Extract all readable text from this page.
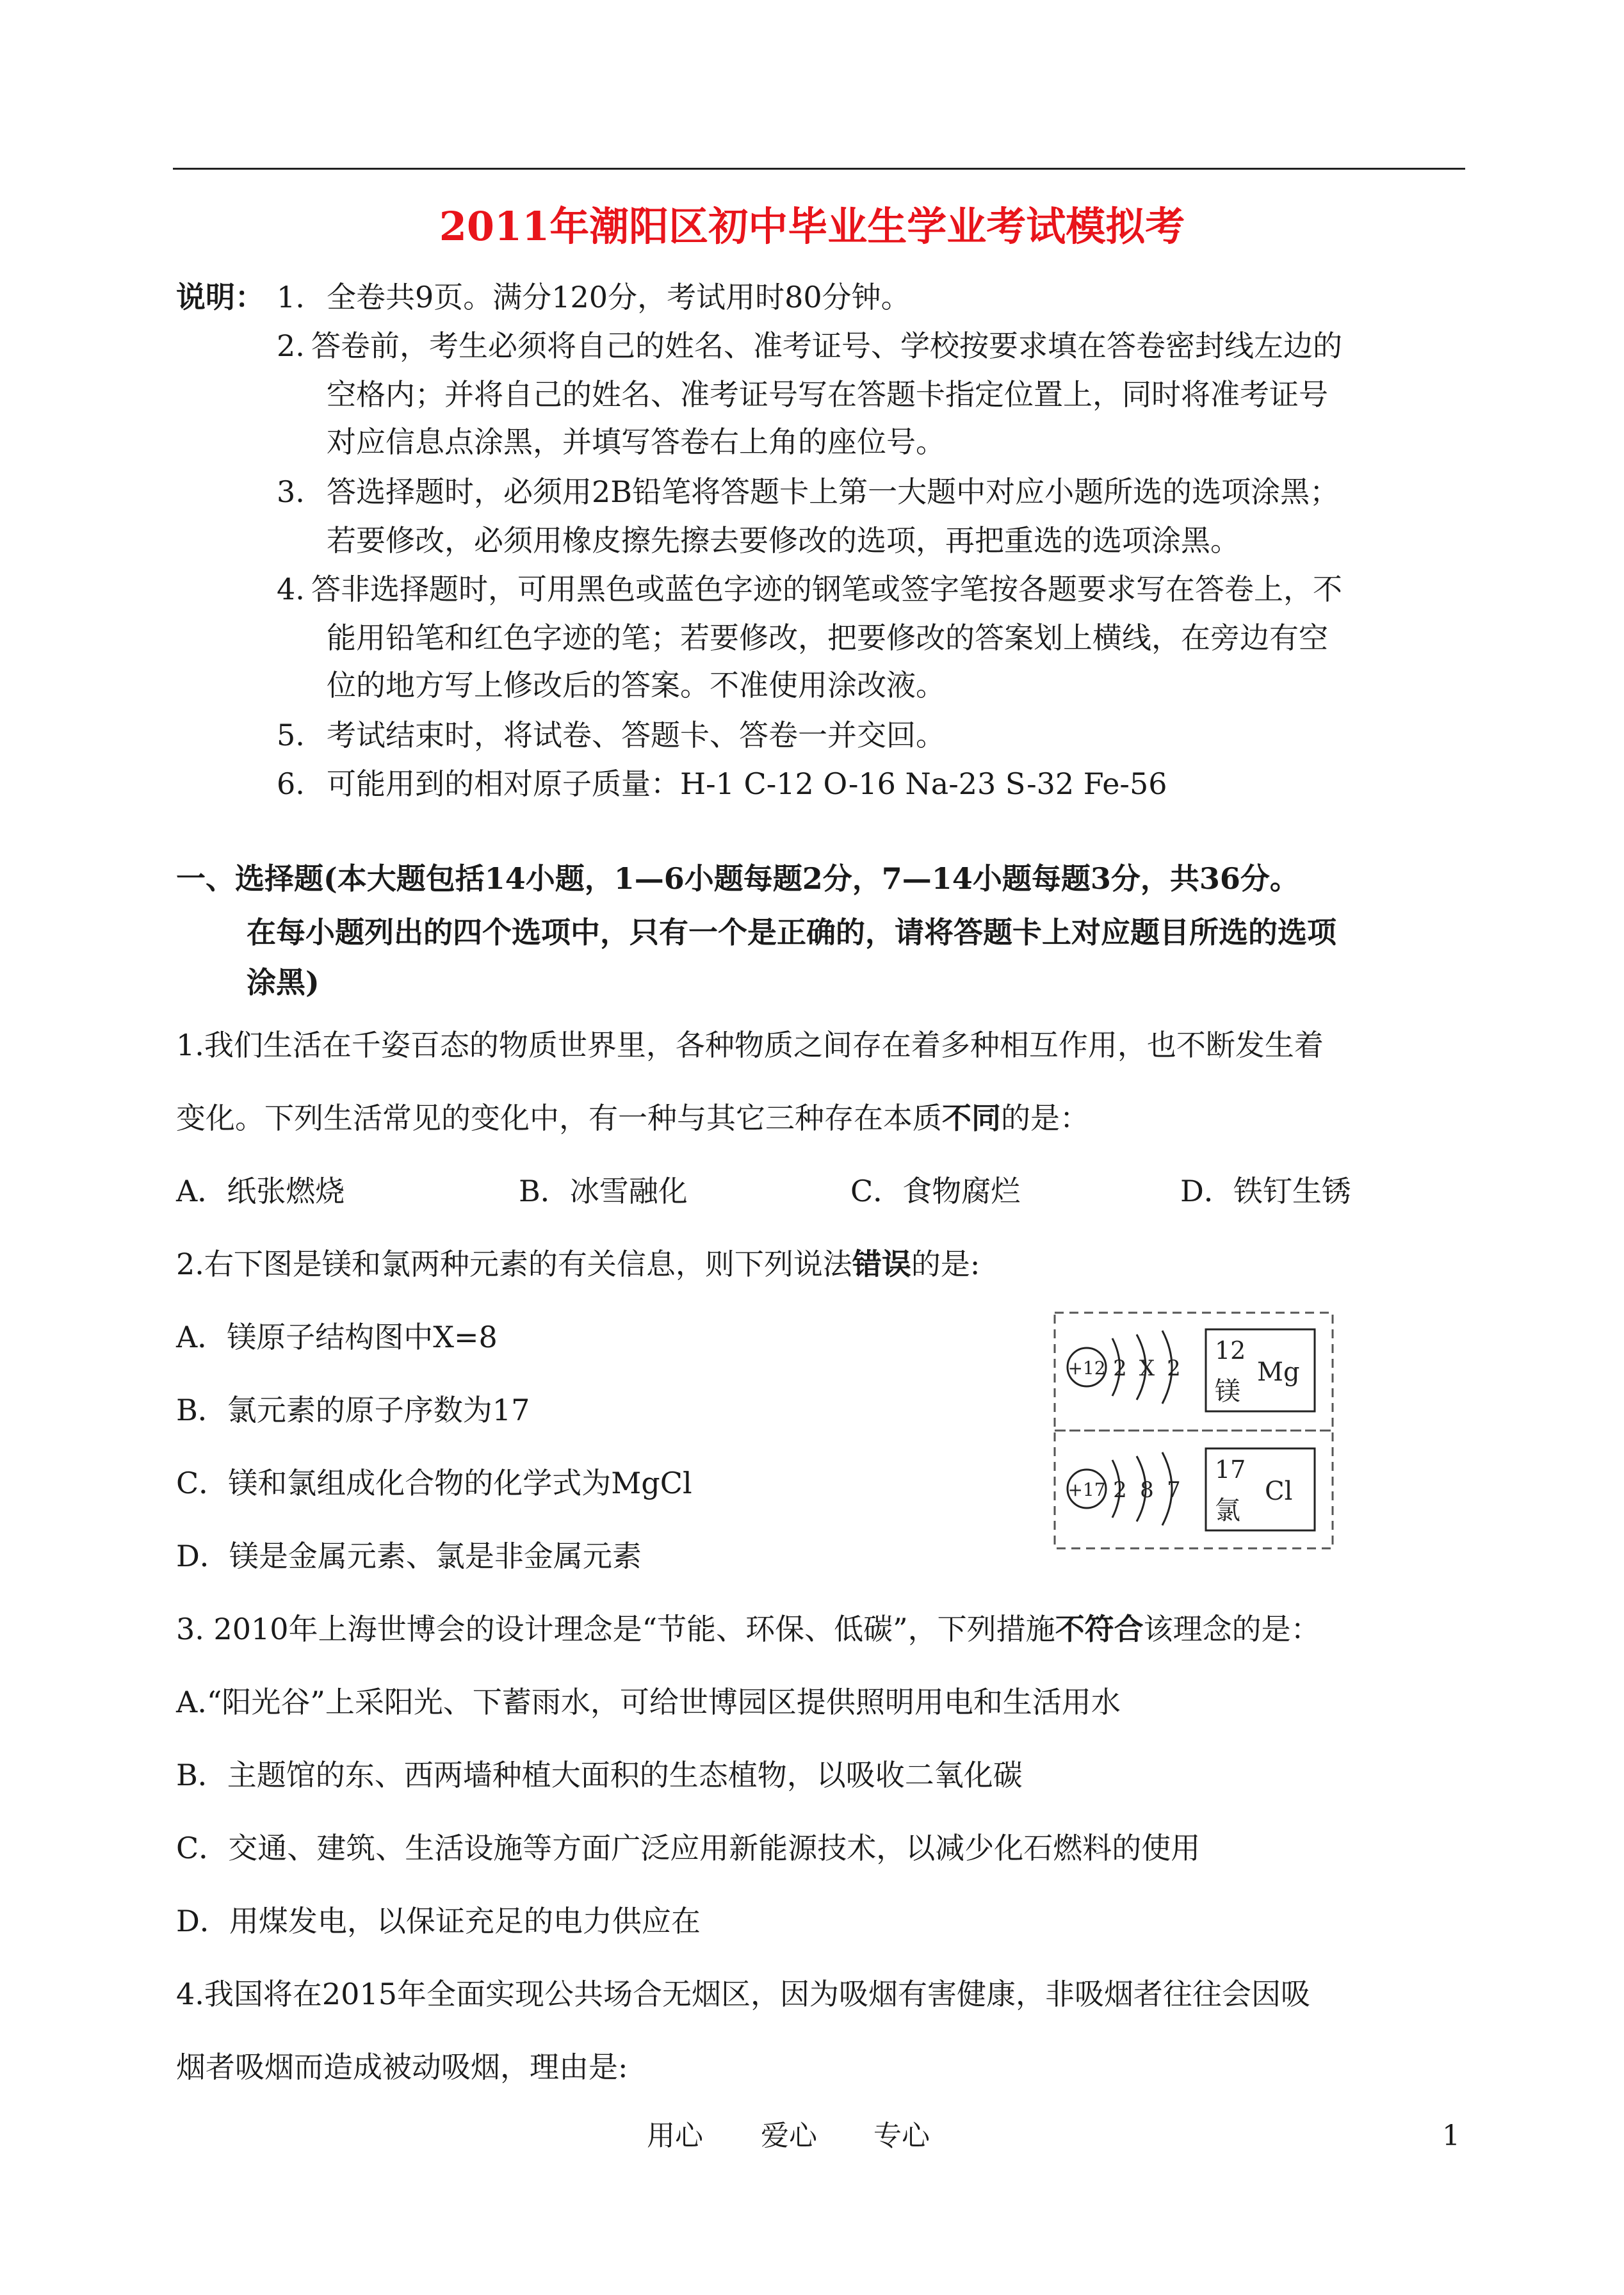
2011年潮阳区初中毕业生学业考试模拟考
说明： 1. 全卷共9页。满分120分，考试用时80分钟。
2. 答卷前，考生必须将自己的姓名、准考证号、学校按要求填在答卷密封线左边的
空格内；并将自己的姓名、准考证号写在答题卡指定位置上，同时将准考证号
对应信息点涂黑，并填写答卷右上角的座位号。
3. 答选择题时，必须用2B铅笔将答题卡上第一大题中对应小题所选的选项涂黑；
若要修改，必须用橡皮擦先擦去要修改的选项，再把重选的选项涂黑。
4. 答非选择题时，可用黑色或蓝色字迹的钢笔或签字笔按各题要求写在答卷上，不
能用铅笔和红色字迹的笔；若要修改，把要修改的答案划上横线，在旁边有空
位的地方写上修改后的答案。不准使用涂改液。
5. 考试结束时，将试卷、答题卡、答卷一并交回。
6. 可能用到的相对原子质量：H-1 C-12 O-16 Na-23 S-32 Fe-56
一、选择题(本大题包括14小题，1—6小题每题2分，7—14小题每题3分，共36分。
在每小题列出的四个选项中，只有一个是正确的，请将答题卡上对应题目所选的选项
涂黑)
1.我们生活在千姿百态的物质世界里，各种物质之间存在着多种相互作用，也不断发生着
变化。下列生活常见的变化中，有一种与其它三种存在本质不同的是：
A．纸张燃烧	B．冰雪融化	C．食物腐烂	D．铁钉生锈
2.右下图是镁和氯两种元素的有关信息，则下列说法错误的是:
A．镁原子结构图中X=8
B．氯元素的原子序数为17
C．镁和氯组成化合物的化学式为MgCl
D．镁是金属元素、氯是非金属元素
+12 2 X 2
12
镁
Mg
+17 2 8 7
17
氯
Cl
3. 2010年上海世博会的设计理念是“节能、环保、低碳”，下列措施不符合该理念的是：
A.“阳光谷”上采阳光、下蓄雨水，可给世博园区提供照明用电和生活用水
B．主题馆的东、西两墙种植大面积的生态植物，以吸收二氧化碳
C．交通、建筑、生活设施等方面广泛应用新能源技术，以减少化石燃料的使用
D．用煤发电，以保证充足的电力供应在
4.我国将在2015年全面实现公共场合无烟区，因为吸烟有害健康，非吸烟者往往会因吸
烟者吸烟而造成被动吸烟，理由是:
用心 爱心 专心	1
